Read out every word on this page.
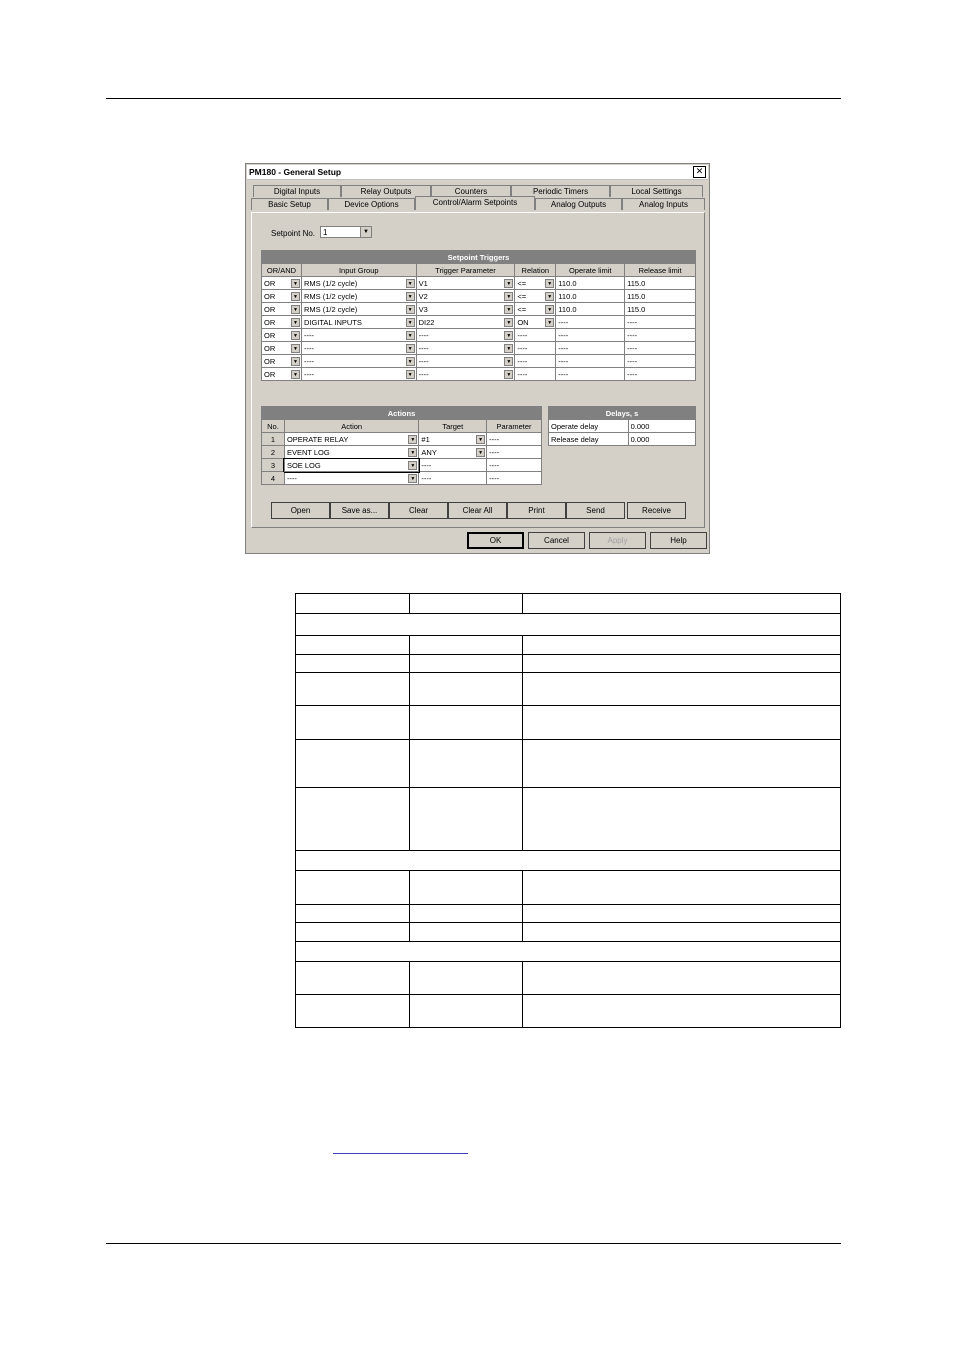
PM180 - General Setup	✕
Digital Inputs	Relay Outputs	Counters	Periodic Timers	Local Settings
Basic Setup	Device Options	Control/Alarm Setpoints	Analog Outputs	Analog Inputs
Setpoint No. 1	▼
Setpoint Triggers					
OR/AND	Input Group	Trigger Parameter	Relation	Operate limit	Release limit
OR ▼	RMS (1/2 cycle) ▼	V1 ▼	<= ▼	110.0	115.0
OR ▼	RMS (1/2 cycle) ▼	V2 ▼	<= ▼	110.0	115.0
OR ▼	RMS (1/2 cycle) ▼	V3 ▼	<= ▼	110.0	115.0
OR ▼	DIGITAL INPUTS ▼	DI22 ▼	ON ▼	----	----
OR ▼	---- ▼	---- ▼	----	----	----
OR ▼	---- ▼	---- ▼	----	----	----
OR ▼	---- ▼	---- ▼	----	----	----
OR ▼	---- ▼	---- ▼	----	----	----
Actions			
No.	Action	Target	Parameter
1	OPERATE RELAY ▼	#1 ▼	----
2	EVENT LOG ▼	ANY ▼	----
3	SOE LOG ▼	----	----
4	---- ▼	----	----
Delays, s	
Operate delay	0.000
Release delay	0.000
Open	Save as...	Clear	Clear All	Print	Send	Receive
OK	Cancel	Apply	Help
